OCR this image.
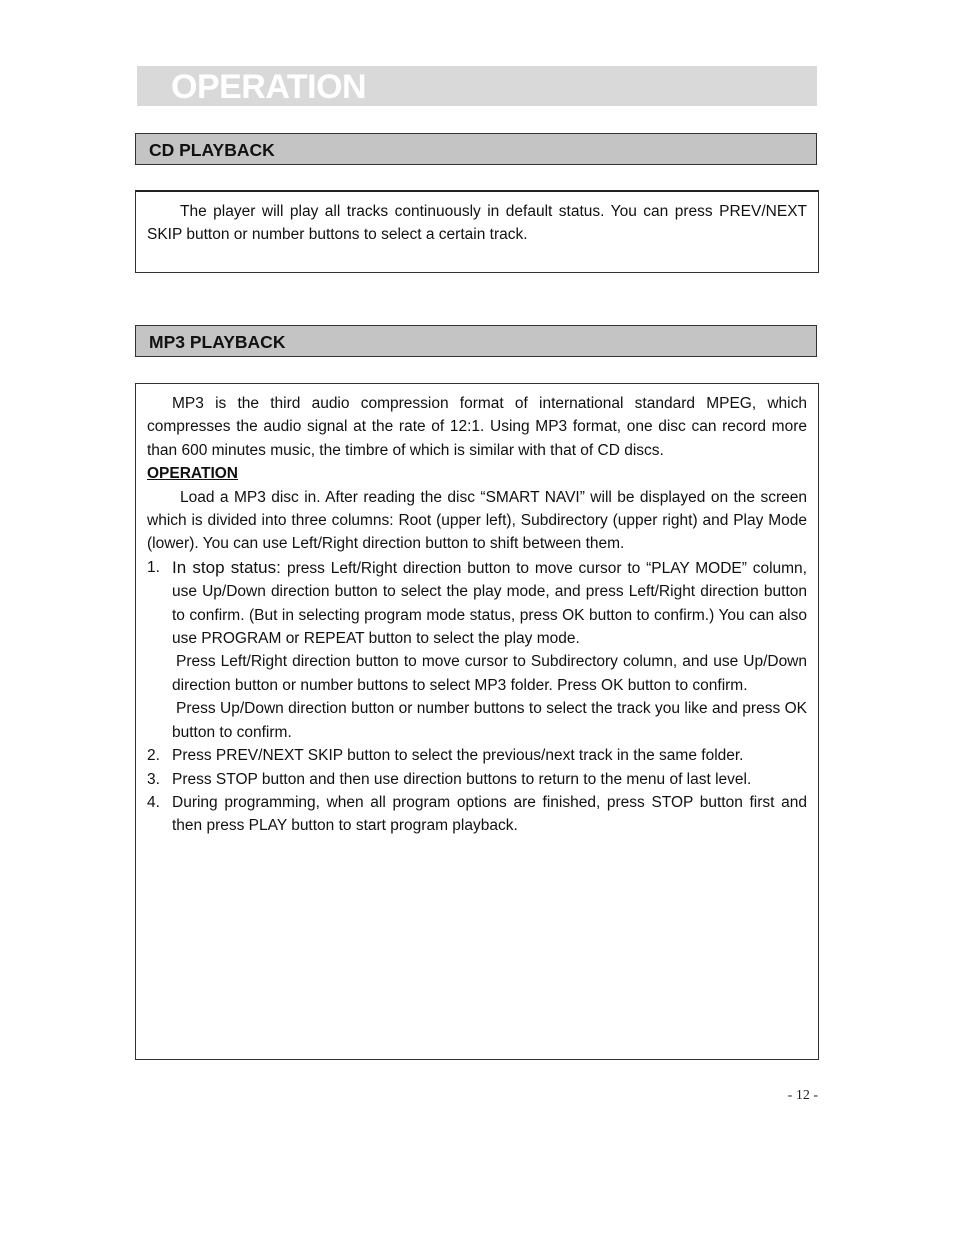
OPERATION
CD PLAYBACK

The player will play all tracks continuously in default status. You can press PREV/NEXT SKIP button or number buttons to select a certain track.

MP3 PLAYBACK

MP3 is the third audio compression format of international standard MPEG, which compresses the audio signal at the rate of 12:1. Using MP3 format, one disc can record more than 600 minutes music, the timbre of which is similar with that of CD discs.

OPERATION

Load a MP3 disc in. After reading the disc “SMART NAVI” will be displayed on the screen which is divided into three columns: Root (upper left), Subdirectory (upper right) and Play Mode (lower). You can use Left/Right direction button to shift between them.

1. In stop status: press Left/Right direction button to move cursor to “PLAY MODE” column, use Up/Down direction button to select the play mode, and press Left/Right direction button to confirm. (But in selecting program mode status, press OK button to confirm.) You can also use PROGRAM or REPEAT button to select the play mode.

Press Left/Right direction button to move cursor to Subdirectory column, and use Up/Down direction button or number buttons to select MP3 folder. Press OK button to confirm.

Press Up/Down direction button or number buttons to select the track you like and press OK button to confirm.

2. Press PREV/NEXT SKIP button to select the previous/next track in the same folder.
3. Press STOP button and then use direction buttons to return to the menu of last level.
4. During programming, when all program options are finished, press STOP button first and then press PLAY button to start program playback.
- 12 -
